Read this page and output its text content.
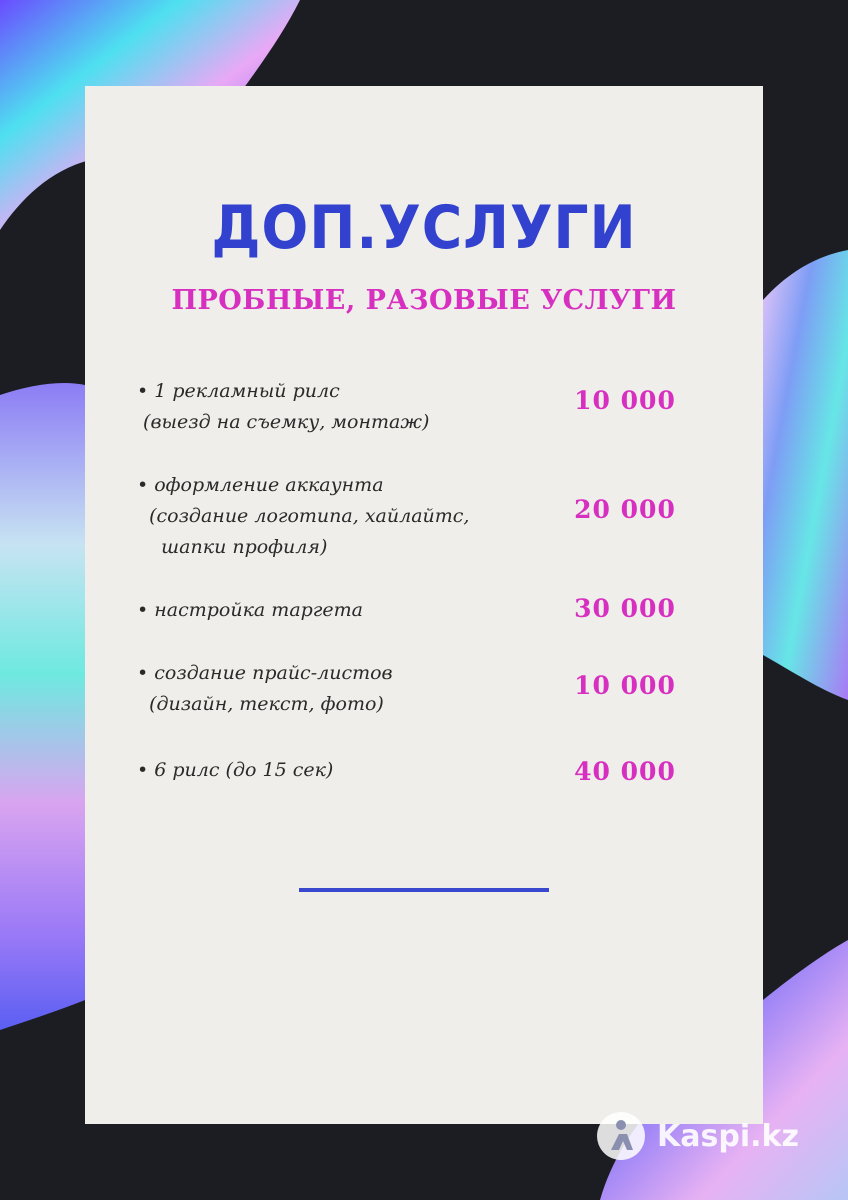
ДОП.УСЛУГИ
ПРОБНЫЕ, РАЗОВЫЕ УСЛУГИ
• 1 рекламный рилс
(выезд на съемку, монтаж)
10 000
• оформление аккаунта
(создание логотипа, хайлайтс,
шапки профиля)
20 000
• настройка таргета	30 000
• создание прайс-листов
(дизайн, текст, фото)
10 000
• 6 рилс (до 15 сек)	40 000
Kaspi.kz
